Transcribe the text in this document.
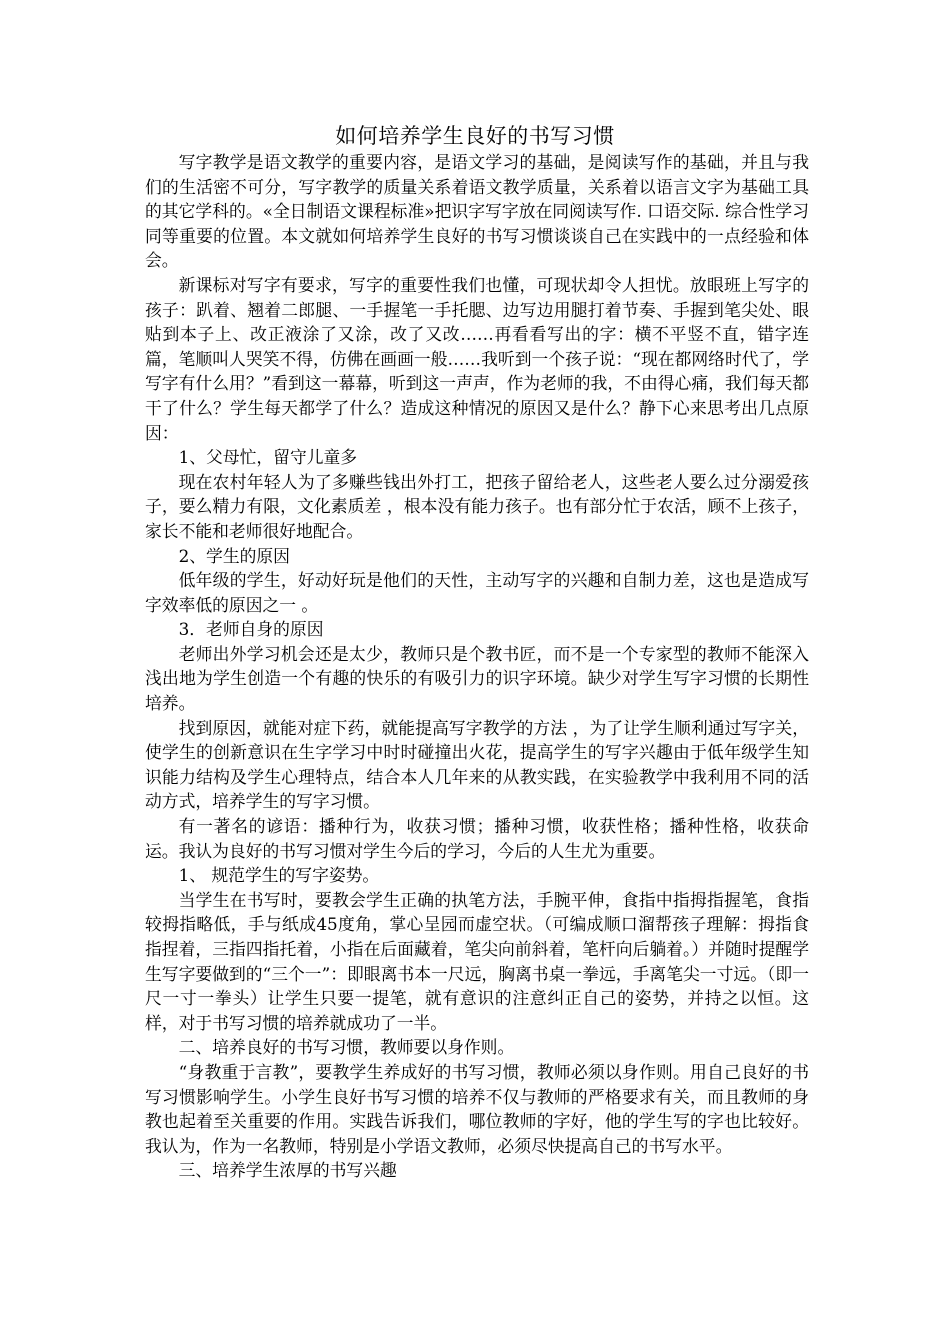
如何培养学生良好的书写习惯

写字教学是语文教学的重要内容，是语文学习的基础，是阅读写作的基础，并且与我们的生活密不可分，写字教学的质量关系着语文教学质量，关系着以语言文字为基础工具的其它学科的。«全日制语文课程标准»把识字写字放在同阅读写作. 口语交际. 综合性学习同等重要的位置。本文就如何培养学生良好的书写习惯谈谈自己在实践中的一点经验和体会。

新课标对写字有要求，写字的重要性我们也懂，可现状却令人担忧。放眼班上写字的孩子：趴着、翘着二郎腿、一手握笔一手托腮、边写边用腿打着节奏、手握到笔尖处、眼贴到本子上、改正液涂了又涂，改了又改……再看看写出的字：横不平竖不直，错字连篇，笔顺叫人哭笑不得，仿佛在画画一般……我听到一个孩子说：“现在都网络时代了，学写字有什么用？”看到这一幕幕，听到这一声声，作为老师的我，不由得心痛，我们每天都干了什么？学生每天都学了什么？造成这种情况的原因又是什么？静下心来思考出几点原因：

1、父母忙，留守儿童多

现在农村年轻人为了多赚些钱出外打工，把孩子留给老人，这些老人要么过分溺爱孩子，要么精力有限，文化素质差 ，根本没有能力孩子。也有部分忙于农活，顾不上孩子，家长不能和老师很好地配合。

2、学生的原因

低年级的学生，好动好玩是他们的天性，主动写字的兴趣和自制力差，这也是造成写字效率低的原因之一 。

3．老师自身的原因

老师出外学习机会还是太少，教师只是个教书匠，而不是一个专家型的教师不能深入浅出地为学生创造一个有趣的快乐的有吸引力的识字环境。缺少对学生写字习惯的长期性培养。

找到原因，就能对症下药，就能提高写字教学的方法 ，为了让学生顺利通过写字关，使学生的创新意识在生字学习中时时碰撞出火花，提高学生的写字兴趣由于低年级学生知识能力结构及学生心理特点，结合本人几年来的从教实践，在实验教学中我利用不同的活动方式，培养学生的写字习惯。

有一著名的谚语：播种行为，收获习惯；播种习惯，收获性格；播种性格，收获命运。我认为良好的书写习惯对学生今后的学习，今后的人生尤为重要。

1、 规范学生的写字姿势。

当学生在书写时，要教会学生正确的执笔方法，手腕平伸，食指中指拇指握笔，食指较拇指略低，手与纸成45度角，掌心呈园而虚空状。（可编成顺口溜帮孩子理解：拇指食指捏着，三指四指托着，小指在后面藏着，笔尖向前斜着，笔杆向后躺着。）并随时提醒学生写字要做到的“三个一”：即眼离书本一尺远，胸离书桌一拳远，手离笔尖一寸远。（即一尺一寸一拳头）让学生只要一提笔，就有意识的注意纠正自己的姿势，并持之以恒。这样，对于书写习惯的培养就成功了一半。

二、培养良好的书写习惯，教师要以身作则。

“身教重于言教”，要教学生养成好的书写习惯，教师必须以身作则。用自己良好的书写习惯影响学生。小学生良好书写习惯的培养不仅与教师的严格要求有关，而且教师的身教也起着至关重要的作用。实践告诉我们，哪位教师的字好，他的学生写的字也比较好。我认为，作为一名教师，特别是小学语文教师，必须尽快提高自己的书写水平。

三、培养学生浓厚的书写兴趣
